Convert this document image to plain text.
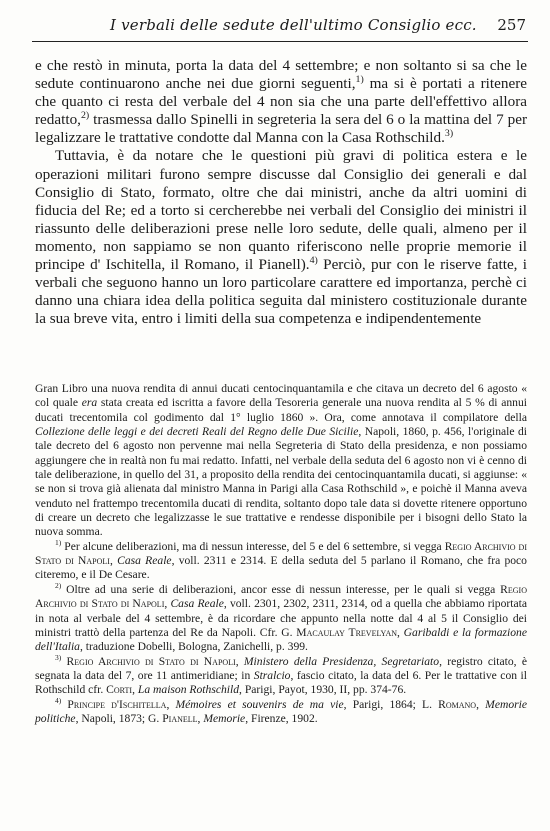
I verbali delle sedute dell'ultimo Consiglio ecc. 257

e che restò in minuta, porta la data del 4 settembre; e non soltanto si sa che le sedute continuarono anche nei due giorni seguenti,$^{1)}$ ma si è portati a ritenere che quanto ci resta del verbale del 4 non sia che una parte dell'effettivo allora redatto,$^{2)}$ trasmessa dallo Spinelli in segreteria la sera del 6 o la mattina del 7 per legalizzare le trattative condotte dal Manna con la Casa Rothschild.$^{3)}$

Tuttavia, è da notare che le questioni più gravi di politica estera e le operazioni militari furono sempre discusse dal Consiglio dei generali e dal Consiglio di Stato, formato, oltre che dai ministri, anche da altri uomini di fiducia del Re; ed a torto si cercherebbe nei verbali del Consiglio dei ministri il riassunto delle deliberazioni prese nelle loro sedute, delle quali, almeno per il momento, non sappiamo se non quanto riferiscono nelle proprie memorie il principe d' Ischitella, il Romano, il Pianell).$^{4)}$ Perciò, pur con le riserve fatte, i verbali che seguono hanno un loro particolare carattere ed importanza, perchè ci danno una chiara idea della politica seguita dal ministero costituzionale durante la sua breve vita, entro i limiti della sua competenza e indipendentemente

Gran Libro una nuova rendita di annui ducati centocinquantamila e che citava un decreto del 6 agosto « col quale era stata creata ed iscritta a favore della Tesoreria generale una nuova rendita al 5 % di annui ducati trecentomila col godimento dal 1° luglio 1860 ». Ora, come annotava il compilatore della Collezione delle leggi e dei decreti Reali del Regno delle Due Sicilie, Napoli, 1860, p. 456, l'originale di tale decreto del 6 agosto non pervenne mai nella Segreteria di Stato della presidenza, e non possiamo aggiungere che in realtà non fu mai redatto. Infatti, nel verbale della seduta del 6 agosto non vi è cenno di tale deliberazione, in quello del 31, a proposito della rendita dei centocinquantamila ducati, si aggiunse: « se non si trova già alienata dal ministro Manna in Parigi alla Casa Rothschild », e poichè il Manna aveva venduto nel frattempo trecentomila ducati di rendita, soltanto dopo tale data si dovette ritenere opportuno di creare un decreto che legalizzasse le sue trattative e rendesse disponibile per i bisogni dello Stato la nuova somma.

$^{1)}$ Per alcune deliberazioni, ma di nessun interesse, del 5 e del 6 settembre, si vegga Regio Archivio di Stato di Napoli, Casa Reale, voll. 2311 e 2314. E della seduta del 5 parlano il Romano, che fra poco citeremo, e il De Cesare.

$^{2)}$ Oltre ad una serie di deliberazioni, ancor esse di nessun interesse, per le quali si vegga Regio Archivio di Stato di Napoli, Casa Reale, voll. 2301, 2302, 2311, 2314, od a quella che abbiamo riportata in nota al verbale del 4 settembre, è da ricordare che appunto nella notte dal 4 al 5 il Consiglio dei ministri trattò della partenza del Re da Napoli. Cfr. G. Macaulay Trevelyan, Garibaldi e la formazione dell'Italia, traduzione Dobelli, Bologna, Zanichelli, p. 399.

$^{3)}$ Regio Archivio di Stato di Napoli, Ministero della Presidenza, Segretariato, registro citato, è segnata la data del 7, ore 11 antimeridiane; in Stralcio, fascio citato, la data del 6. Per le trattative con il Rothschild cfr. Corti, La maison Rothschild, Parigi, Payot, 1930, II, pp. 374-76.

$^{4)}$ Principe d'Ischitella, Mémoires et souvenirs de ma vie, Parigi, 1864; L. Romano, Memorie politiche, Napoli, 1873; G. Pianell, Memorie, Firenze, 1902.
